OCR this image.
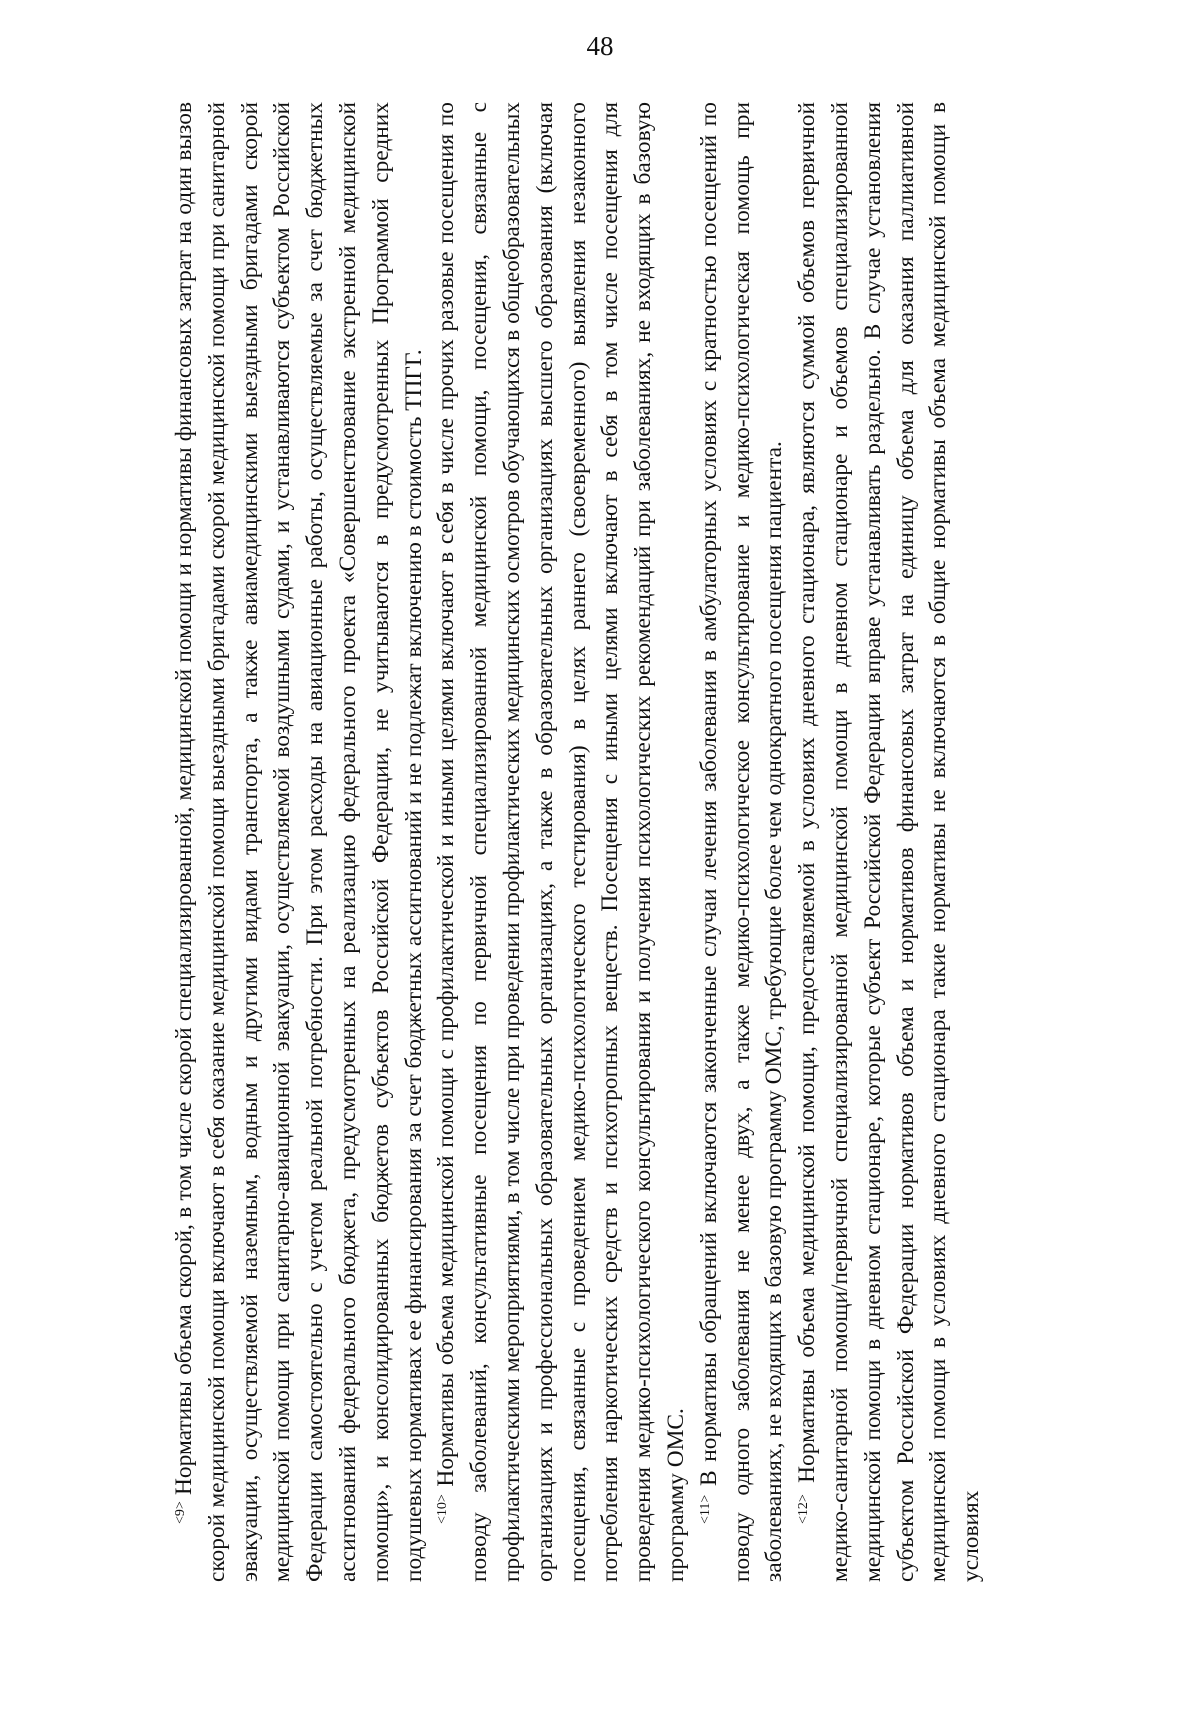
48

$^{<9>}$ Нормативы объема скорой, в том числе скорой специализированной, медицинской помощи и нормативы финансовых затрат на один вызов скорой медицинской помощи включают в себя оказание медицинской помощи выездными бригадами скорой медицинской помощи при санитарной эвакуации, осуществляемой наземным, водным и другими видами транспорта, а также авиамедицинскими выездными бригадами скорой медицинской помощи при санитарно-авиационной эвакуации, осуществляемой воздушными судами, и устанавливаются субъектом Российской Федерации самостоятельно с учетом реальной потребности. При этом расходы на авиационные работы, осуществляемые за счет бюджетных ассигнований федерального бюджета, предусмотренных на реализацию федерального проекта «Совершенствование экстренной медицинской помощи», и консолидированных бюджетов субъектов Российской Федерации, не учитываются в предусмотренных Программой средних подушевых нормативах ее финансирования за счет бюджетных ассигнований и не подлежат включению в стоимость ТПГГ. $^{<10>}$ Нормативы объема медицинской помощи с профилактической и иными целями включают в себя в числе прочих разовые посещения по поводу заболеваний, консультативные посещения по первичной специализированной медицинской помощи, посещения, связанные с профилактическими мероприятиями, в том числе при проведении профилактических медицинских осмотров обучающихся в общеобразовательных организациях и профессиональных образовательных организациях, а также в образовательных организациях высшего образования (включая посещения, связанные с проведением медико-психологического тестирования) в целях раннего (своевременного) выявления незаконного потребления наркотических средств и психотропных веществ. Посещения с иными целями включают в себя в том числе посещения для проведения медико-психологического консультирования и получения психологических рекомендаций при заболеваниях, не входящих в базовую программу ОМС. $^{<11>}$ В нормативы обращений включаются законченные случаи лечения заболевания в амбулаторных условиях с кратностью посещений по поводу одного заболевания не менее двух, а также медико-психологическое консультирование и медико-психологическая помощь при заболеваниях, не входящих в базовую программу ОМС, требующие более чем однократного посещения пациента. $^{<12>}$ Нормативы объема медицинской помощи, предоставляемой в условиях дневного стационара, являются суммой объемов первичной медико-санитарной помощи/первичной специализированной медицинской помощи в дневном стационаре и объемов специализированной медицинской помощи в дневном стационаре, которые субъект Российской Федерации вправе устанавливать раздельно. В случае установления субъектом Российской Федерации нормативов объема и нормативов финансовых затрат на единицу объема для оказания паллиативной медицинской помощи в условиях дневного стационара такие нормативы не включаются в общие нормативы объема медицинской помощи в условиях
